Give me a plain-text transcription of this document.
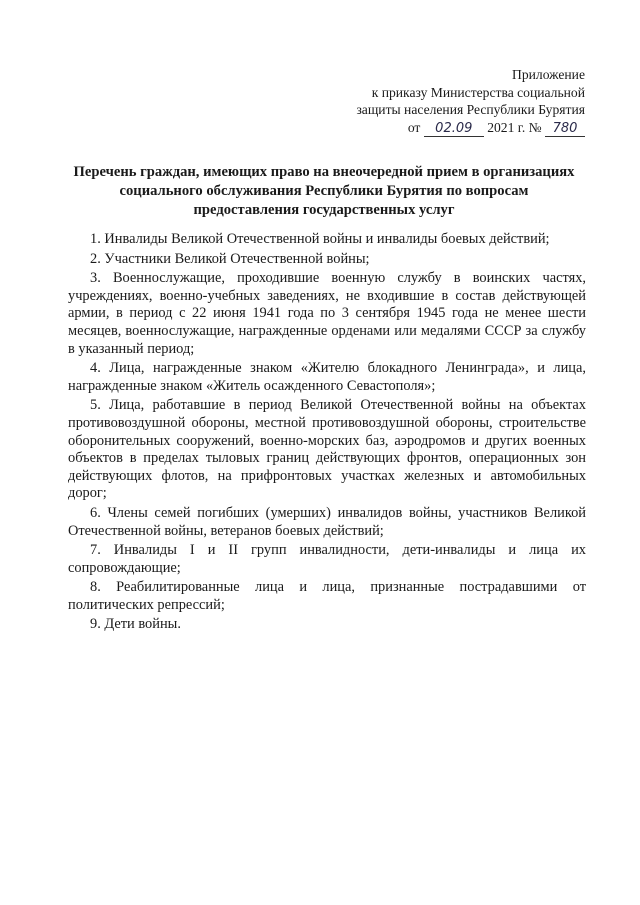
Приложение
к приказу Министерства социальной
защиты населения Республики Бурятия
от 02.09 2021 г. № 780
Перечень граждан, имеющих право на внеочередной прием в организациях
социального обслуживания Республики Бурятия по вопросам
предоставления государственных услуг

1. Инвалиды Великой Отечественной войны и инвалиды боевых действий;

2. Участники Великой Отечественной войны;

3. Военнослужащие, проходившие военную службу в воинских частях, учреждениях, военно-учебных заведениях, не входившие в состав действующей армии, в период с 22 июня 1941 года по 3 сентября 1945 года не менее шести месяцев, военнослужащие, награжденные орденами или медалями СССР за службу в указанный период;

4. Лица, награжденные знаком «Жителю блокадного Ленинграда», и лица, награжденные знаком «Житель осажденного Севастополя»;

5. Лица, работавшие в период Великой Отечественной войны на объектах противовоздушной обороны, местной противовоздушной обороны, строительстве оборонительных сооружений, военно-морских баз, аэродромов и других военных объектов в пределах тыловых границ действующих фронтов, операционных зон действующих флотов, на прифронтовых участках железных и автомобильных дорог;

6. Члены семей погибших (умерших) инвалидов войны, участников Великой Отечественной войны, ветеранов боевых действий;

7. Инвалиды I и II групп инвалидности, дети-инвалиды и лица их сопровождающие;

8. Реабилитированные лица и лица, признанные пострадавшими от политических репрессий;

9. Дети войны.
